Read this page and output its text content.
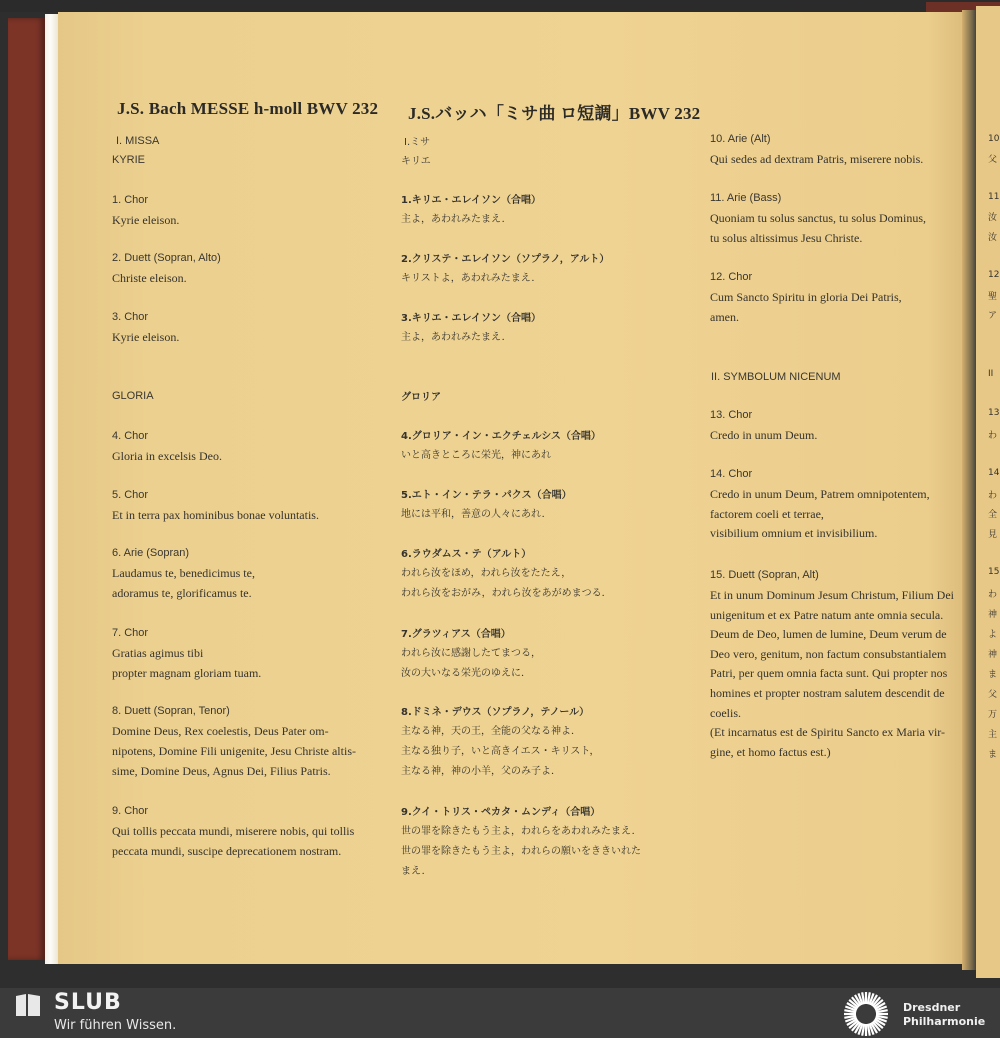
J.S. Bach MESSE h-moll BWV 232
I. MISSA
KYRIE
1. Chor
Kyrie eleison.
2. Duett (Sopran, Alto)
Christe eleison.
3. Chor
Kyrie eleison.
GLORIA
4. Chor
Gloria in excelsis Deo.
5. Chor
Et in terra pax hominibus bonae voluntatis.
6. Arie (Sopran)
Laudamus te, benedicimus te,
adoramus te, glorificamus te.
7. Chor
Gratias agimus tibi
propter magnam gloriam tuam.
8. Duett (Sopran, Tenor)
Domine Deus, Rex coelestis, Deus Pater om-
nipotens, Domine Fili unigenite, Jesu Christe altis-
sime, Domine Deus, Agnus Dei, Filius Patris.
9. Chor
Qui tollis peccata mundi, miserere nobis, qui tollis
peccata mundi, suscipe deprecationem nostram.
J.S.バッハ「ミサ曲 ロ短調」BWV 232
I.ミサ
キリエ
1.キリエ・エレイソン（合唱）
主よ，あわれみたまえ．
2.クリステ・エレイソン（ソプラノ，アルト）
キリストよ，あわれみたまえ．
3.キリエ・エレイソン（合唱）
主よ，あわれみたまえ．
グロリア
4.グロリア・イン・エクチェルシス（合唱）
いと高きところに栄光，神にあれ
5.エト・イン・テラ・パクス（合唱）
地には平和，善意の人々にあれ．
6.ラウダムス・テ（アルト）
われら汝をほめ，われら汝をたたえ，
われら汝をおがみ，われら汝をあがめまつる．
7.グラツィアス（合唱）
われら汝に感謝したてまつる，
汝の大いなる栄光のゆえに．
8.ドミネ・デウス（ソプラノ，テノール）
主なる神，天の王，全能の父なる神よ．
主なる独り子，いと高きイエス・キリスト，
主なる神，神の小羊，父のみ子よ．
9.クイ・トリス・ペカタ・ムンディ（合唱）
世の罪を除きたもう主よ，われらをあわれみたまえ．
世の罪を除きたもう主よ，われらの願いをききいれた
まえ．
10. Arie (Alt)
Qui sedes ad dextram Patris, miserere nobis.
11. Arie (Bass)
Quoniam tu solus sanctus, tu solus Dominus,
tu solus altissimus Jesu Christe.
12. Chor
Cum Sancto Spiritu in gloria Dei Patris,
amen.
II. SYMBOLUM NICENUM
13. Chor
Credo in unum Deum.
14. Chor
Credo in unum Deum, Patrem omnipotentem,
factorem coeli et terrae,
visibilium omnium et invisibilium.
15. Duett (Sopran, Alt)
Et in unum Dominum Jesum Christum, Filium Dei
unigenitum et ex Patre natum ante omnia secula.
Deum de Deo, lumen de lumine, Deum verum de
Deo vero, genitum, non factum consubstantialem
Patri, per quem omnia facta sunt. Qui propter nos
homines et propter nostram salutem descendit de
coelis.
(Et incarnatus est de Spiritu Sancto ex Maria vir-
gine, et homo factus est.)
10
父
11
汝
汝
12
聖
ア
II
13
わ
14
わ
全
見
15
わ
神
よ
神
ま
父
万
主
ま
SLUB
Wir führen Wissen.
Dresdner
Philharmonie
